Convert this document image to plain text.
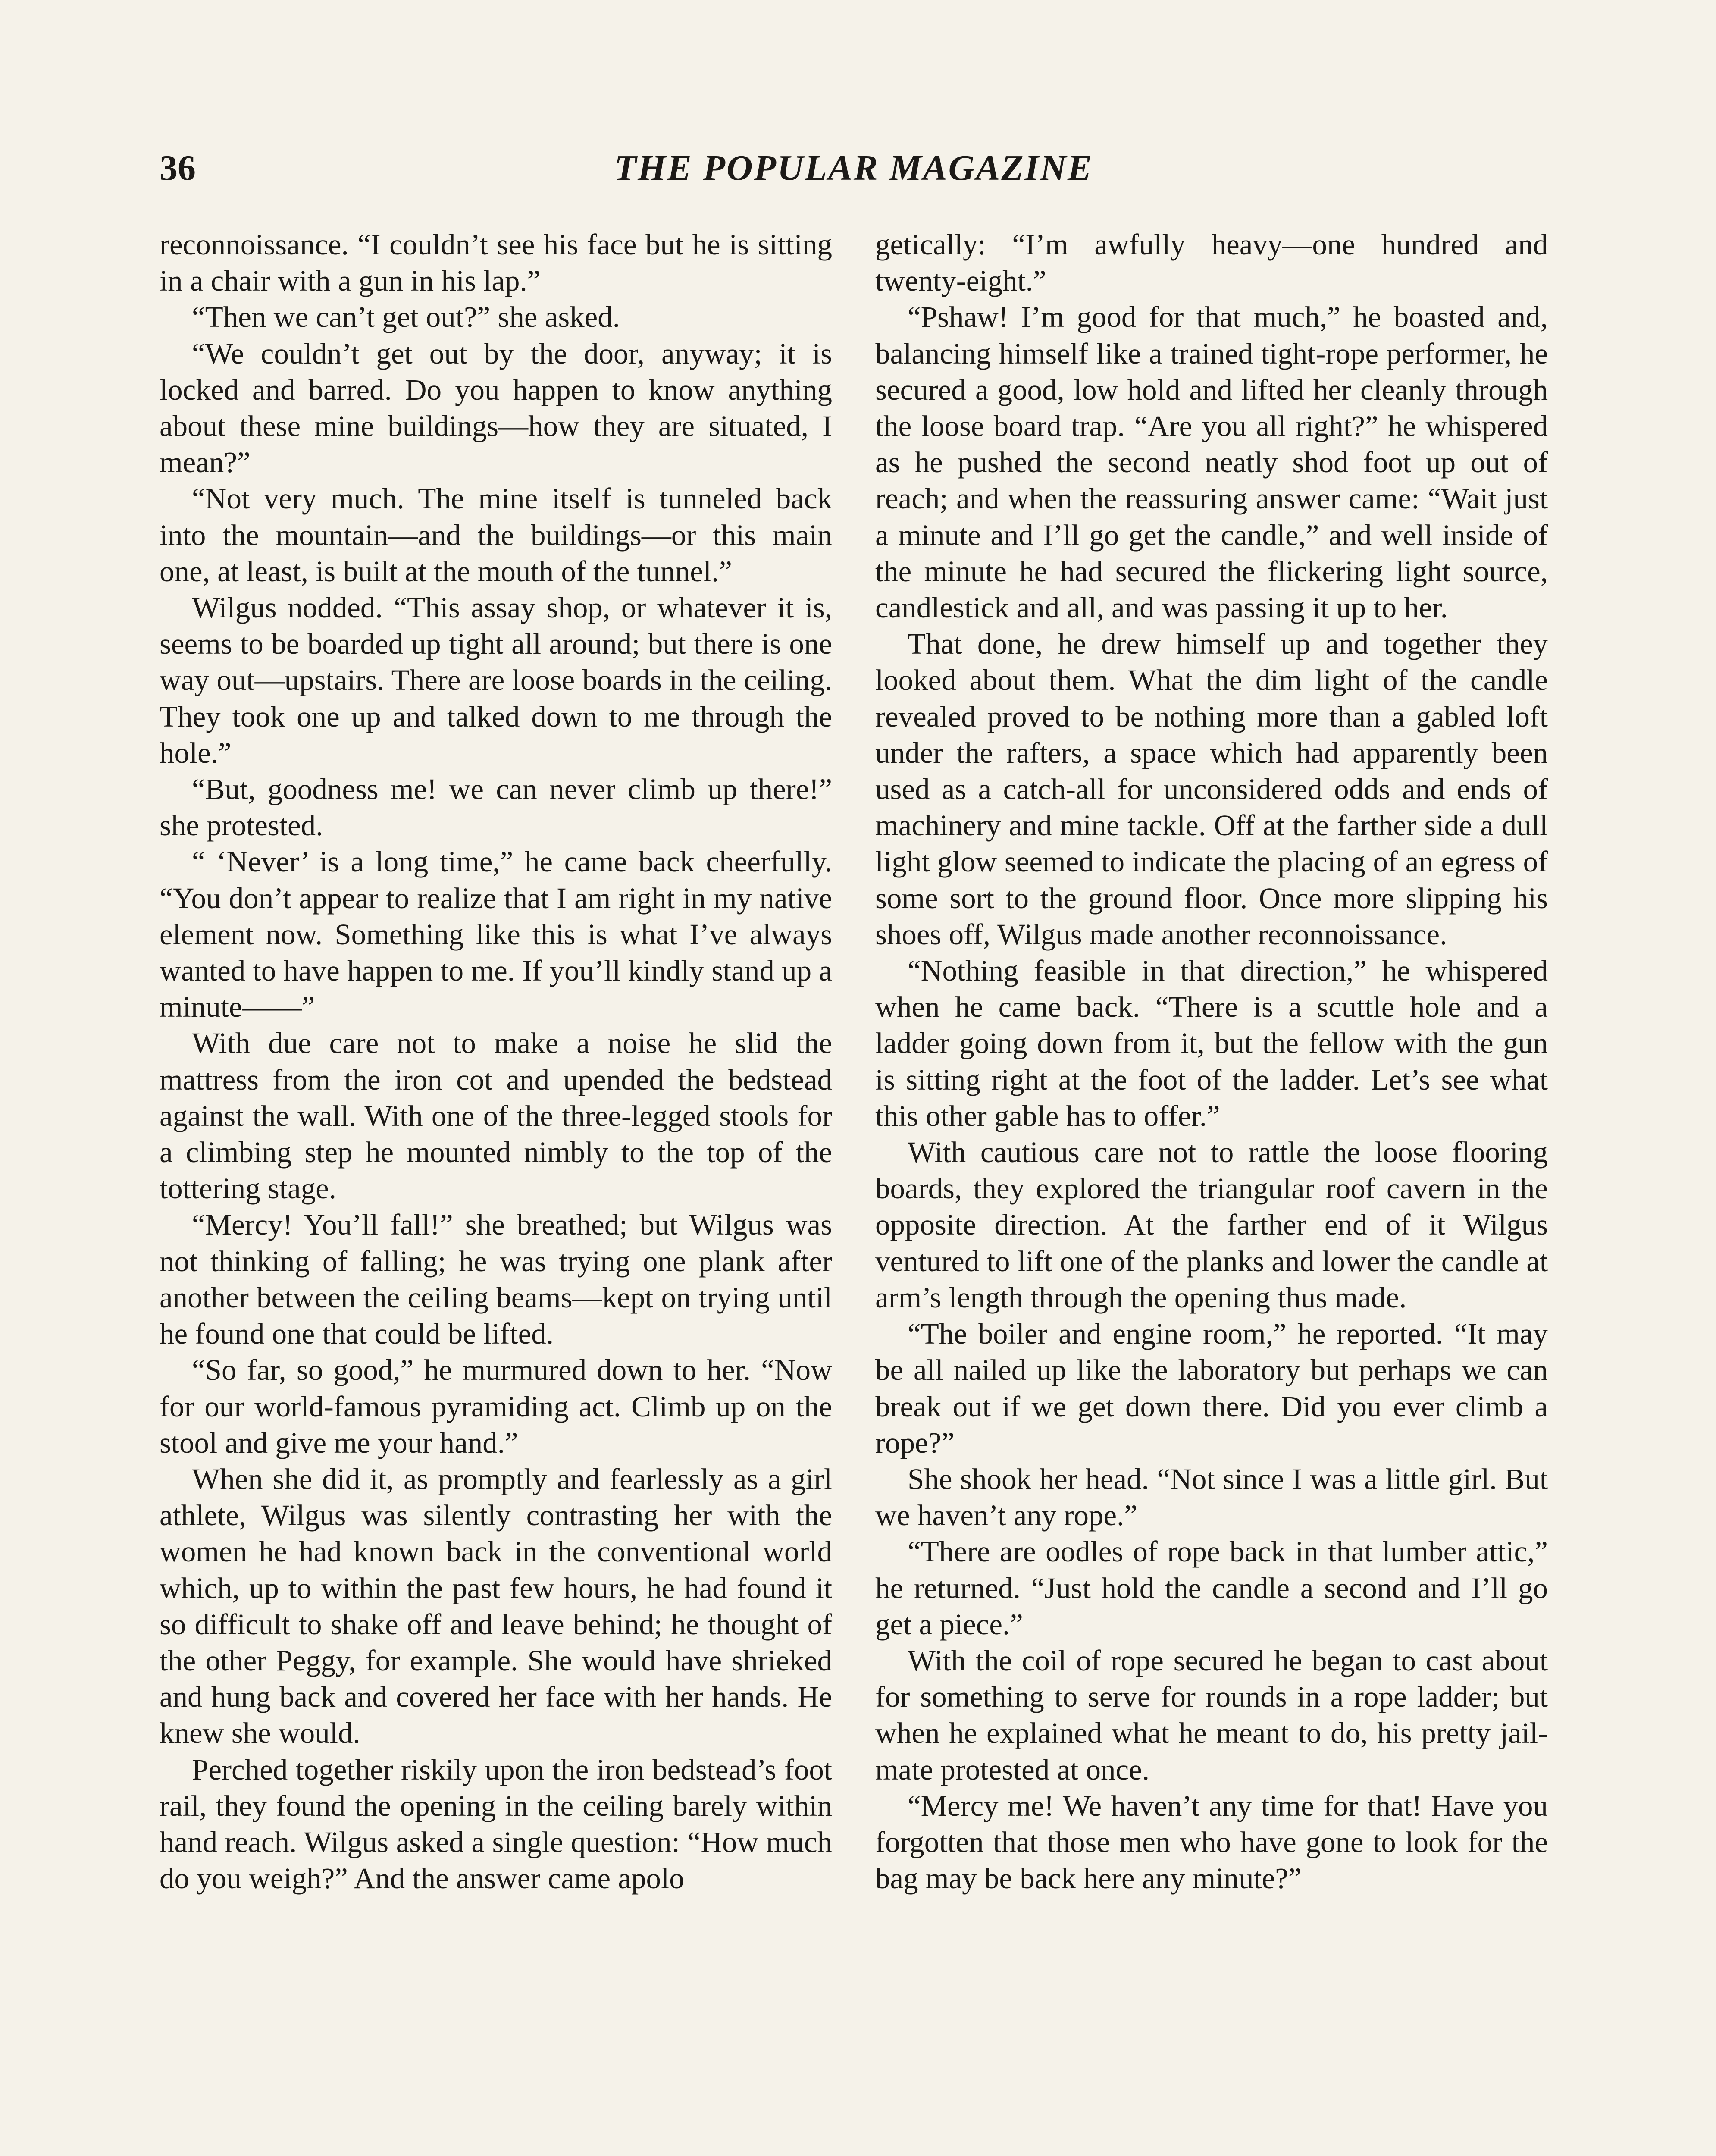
36	THE POPULAR MAGAZINE

reconnoissance. “I couldn’t see his face but he is sitting in a chair with a gun in his lap.”

“Then we can’t get out?” she asked.

“We couldn’t get out by the door, anyway; it is locked and barred. Do you happen to know anything about these mine buildings—how they are situated, I mean?”

“Not very much. The mine itself is tunneled back into the mountain—and the buildings—or this main one, at least, is built at the mouth of the tunnel.”

Wilgus nodded. “This assay shop, or whatever it is, seems to be boarded up tight all around; but there is one way out—upstairs. There are loose boards in the ceiling. They took one up and talked down to me through the hole.”

“But, goodness me! we can never climb up there!” she protested.

“ ‘Never’ is a long time,” he came back cheerfully. “You don’t appear to realize that I am right in my native element now. Something like this is what I’ve always wanted to have happen to me. If you’ll kindly stand up a minute——”

With due care not to make a noise he slid the mattress from the iron cot and upended the bedstead against the wall. With one of the three-legged stools for a climbing step he mounted nimbly to the top of the tottering stage.

“Mercy! You’ll fall!” she breathed; but Wilgus was not thinking of falling; he was trying one plank after another between the ceiling beams—kept on trying until he found one that could be lifted.

“So far, so good,” he murmured down to her. “Now for our world-famous pyramiding act. Climb up on the stool and give me your hand.”

When she did it, as promptly and fearlessly as a girl athlete, Wilgus was silently contrasting her with the women he had known back in the conventional world which, up to within the past few hours, he had found it so difficult to shake off and leave behind; he thought of the other Peggy, for example. She would have shrieked and hung back and covered her face with her hands. He knew she would.

Perched together riskily upon the iron bedstead’s foot rail, they found the opening in the ceiling barely within hand reach. Wilgus asked a single question: “How much do you weigh?” And the answer came apolo

getically: “I’m awfully heavy—one hundred and twenty-eight.”

“Pshaw! I’m good for that much,” he boasted and, balancing himself like a trained tight-rope performer, he secured a good, low hold and lifted her cleanly through the loose board trap. “Are you all right?” he whispered as he pushed the second neatly shod foot up out of reach; and when the reassuring answer came: “Wait just a minute and I’ll go get the candle,” and well inside of the minute he had secured the flickering light source, candlestick and all, and was passing it up to her.

That done, he drew himself up and together they looked about them. What the dim light of the candle revealed proved to be nothing more than a gabled loft under the rafters, a space which had apparently been used as a catch-all for unconsidered odds and ends of machinery and mine tackle. Off at the farther side a dull light glow seemed to indicate the placing of an egress of some sort to the ground floor. Once more slipping his shoes off, Wilgus made another reconnoissance.

“Nothing feasible in that direction,” he whispered when he came back. “There is a scuttle hole and a ladder going down from it, but the fellow with the gun is sitting right at the foot of the ladder. Let’s see what this other gable has to offer.”

With cautious care not to rattle the loose flooring boards, they explored the triangular roof cavern in the opposite direction. At the farther end of it Wilgus ventured to lift one of the planks and lower the candle at arm’s length through the opening thus made.

“The boiler and engine room,” he reported. “It may be all nailed up like the laboratory but perhaps we can break out if we get down there. Did you ever climb a rope?”

She shook her head. “Not since I was a little girl. But we haven’t any rope.”

“There are oodles of rope back in that lumber attic,” he returned. “Just hold the candle a second and I’ll go get a piece.”

With the coil of rope secured he began to cast about for something to serve for rounds in a rope ladder; but when he explained what he meant to do, his pretty jailmate protested at once.

“Mercy me! We haven’t any time for that! Have you forgotten that those men who have gone to look for the bag may be back here any minute?”
